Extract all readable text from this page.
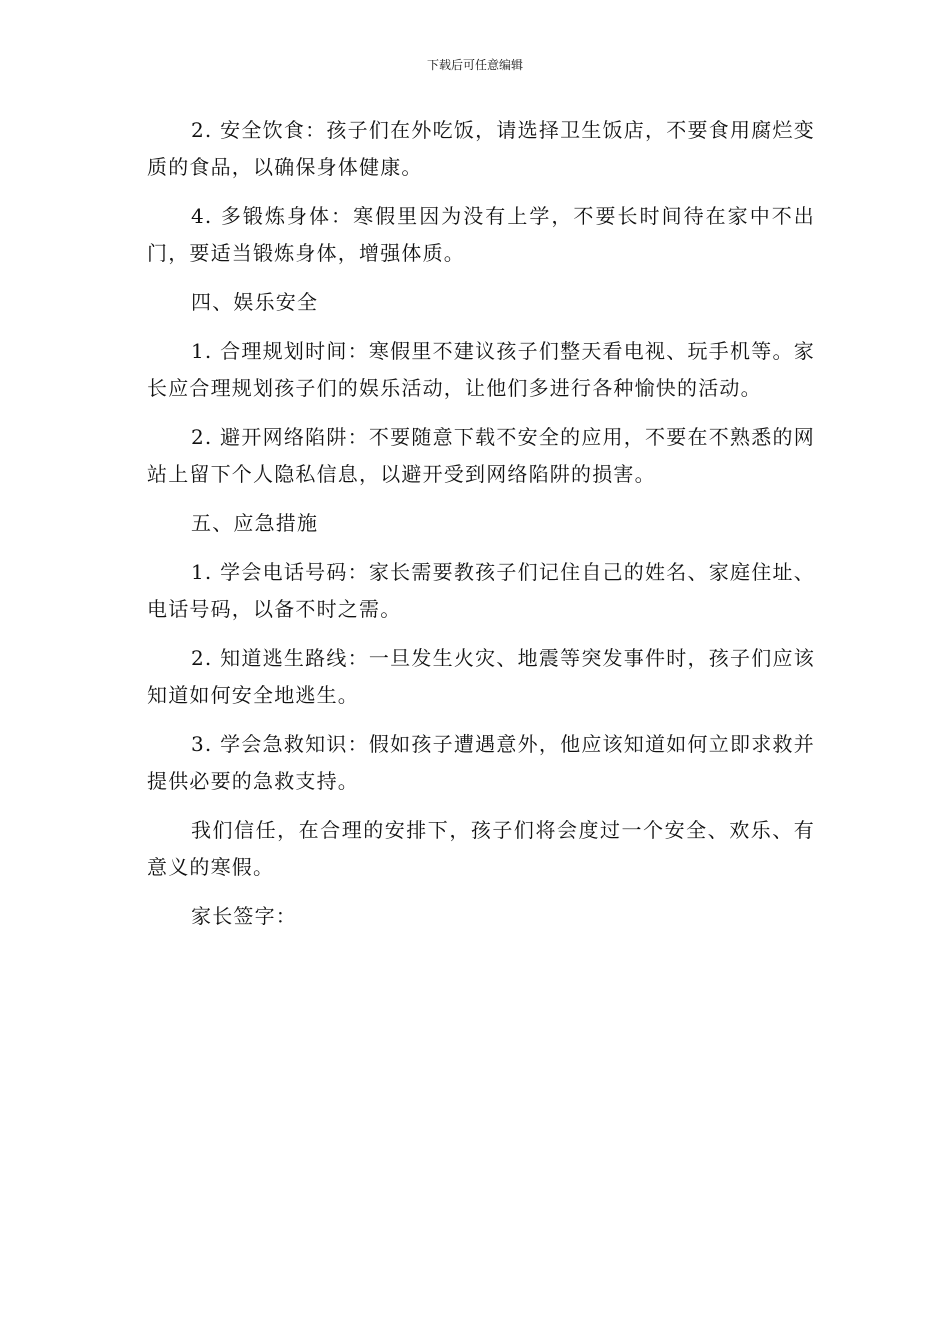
下载后可任意编辑

2. 安全饮食：孩子们在外吃饭，请选择卫生饭店，不要食用腐烂变质的食品，以确保身体健康。

4. 多锻炼身体：寒假里因为没有上学，不要长时间待在家中不出门，要适当锻炼身体，增强体质。

四、娱乐安全

1. 合理规划时间：寒假里不建议孩子们整天看电视、玩手机等。家长应合理规划孩子们的娱乐活动，让他们多进行各种愉快的活动。

2. 避开网络陷阱：不要随意下载不安全的应用，不要在不熟悉的网站上留下个人隐私信息，以避开受到网络陷阱的损害。

五、应急措施

1. 学会电话号码：家长需要教孩子们记住自己的姓名、家庭住址、电话号码，以备不时之需。

2. 知道逃生路线：一旦发生火灾、地震等突发事件时，孩子们应该知道如何安全地逃生。

3. 学会急救知识：假如孩子遭遇意外，他应该知道如何立即求救并提供必要的急救支持。

我们信任，在合理的安排下，孩子们将会度过一个安全、欢乐、有意义的寒假。

家长签字：
